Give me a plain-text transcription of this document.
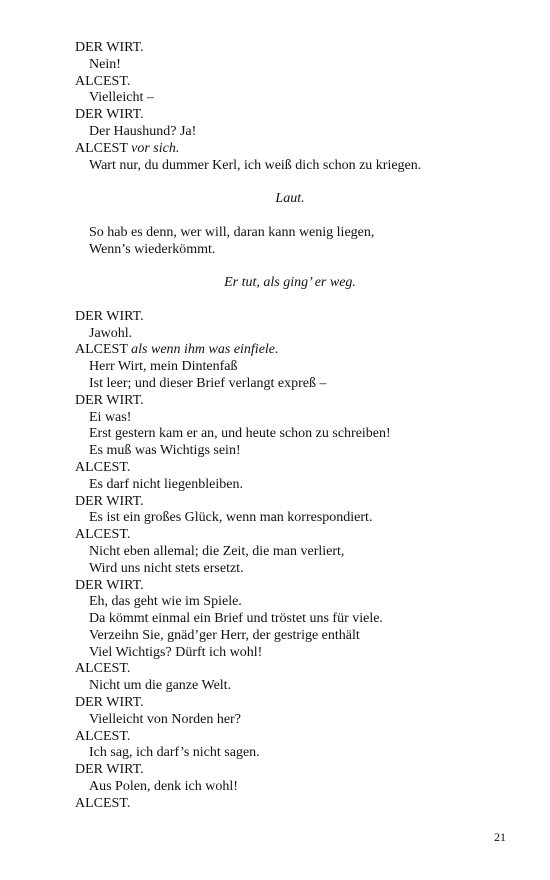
DER WIRT.
Nein!
ALCEST.
Vielleicht –
DER WIRT.
Der Haushund? Ja!
ALCEST vor sich.
Wart nur, du dummer Kerl, ich weiß dich schon zu kriegen.
Laut.
So hab es denn, wer will, daran kann wenig liegen,
Wenn’s wiederkömmt.
Er tut, als ging’ er weg.
DER WIRT.
Jawohl.
ALCEST als wenn ihm was einfiele.
Herr Wirt, mein Dintenfaß
Ist leer; und dieser Brief verlangt expreß –
DER WIRT.
Ei was!
Erst gestern kam er an, und heute schon zu schreiben!
Es muß was Wichtigs sein!
ALCEST.
Es darf nicht liegenbleiben.
DER WIRT.
Es ist ein großes Glück, wenn man korrespondiert.
ALCEST.
Nicht eben allemal; die Zeit, die man verliert,
Wird uns nicht stets ersetzt.
DER WIRT.
Eh, das geht wie im Spiele.
Da kömmt einmal ein Brief und tröstet uns für viele.
Verzeihn Sie, gnäd’ger Herr, der gestrige enthält
Viel Wichtigs? Dürft ich wohl!
ALCEST.
Nicht um die ganze Welt.
DER WIRT.
Vielleicht von Norden her?
ALCEST.
Ich sag, ich darf’s nicht sagen.
DER WIRT.
Aus Polen, denk ich wohl!
ALCEST.
21
